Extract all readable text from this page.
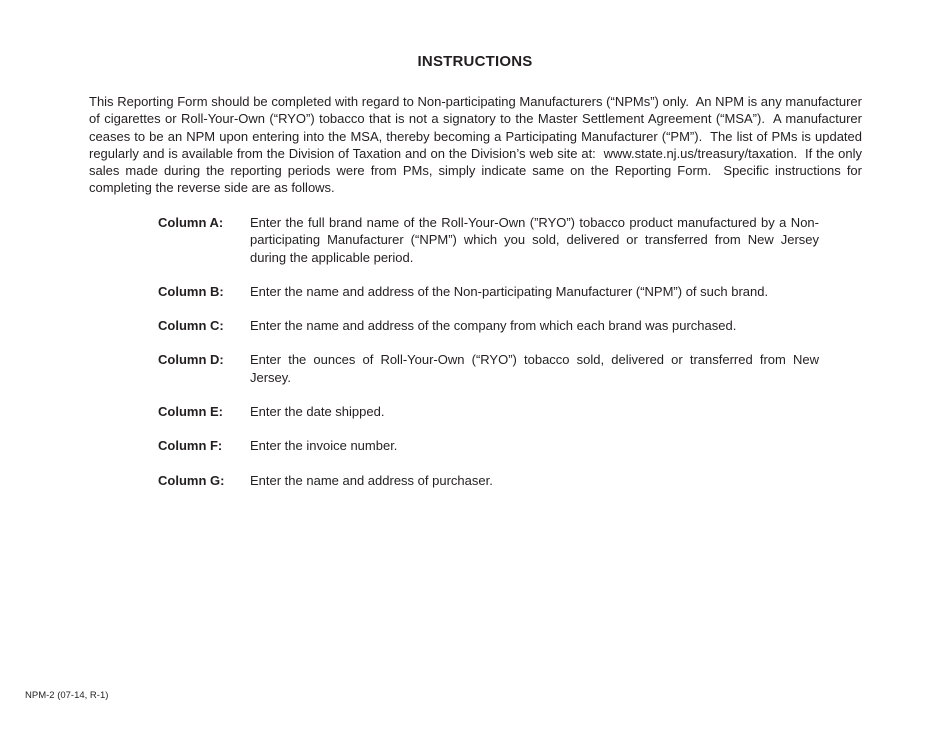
INSTRUCTIONS

This Reporting Form should be completed with regard to Non-participating Manufacturers (“NPMs”) only.  An NPM is any manufacturer of cigarettes or Roll-Your-Own (“RYO”) tobacco that is not a signatory to the Master Settlement Agreement (“MSA”).  A manufacturer ceases to be an NPM upon entering into the MSA, thereby becoming a Participating Manufacturer (“PM”).  The list of PMs is updated regularly and is available from the Division of Taxation and on the Division’s web site at:  www.state.nj.us/treasury/taxation.  If the only sales made during the reporting periods were from PMs, simply indicate same on the Reporting Form.  Specific instructions for completing the reverse side are as follows.

Column A:	Enter the full brand name of the Roll-Your-Own (”RYO”) tobacco product manufactured by a Non-participating Manufacturer (“NPM”) which you sold, delivered or transferred from New Jersey during the applicable period.
Column B:	Enter the name and address of the Non-participating Manufacturer (“NPM”) of such brand.
Column C:	Enter the name and address of the company from which each brand was purchased.
Column D:	Enter the ounces of Roll-Your-Own (“RYO”) tobacco sold, delivered or transferred from New Jersey.
Column E:	Enter the date shipped.
Column F:	Enter the invoice number.
Column G:	Enter the name and address of purchaser.
NPM-2 (07-14, R-1)
